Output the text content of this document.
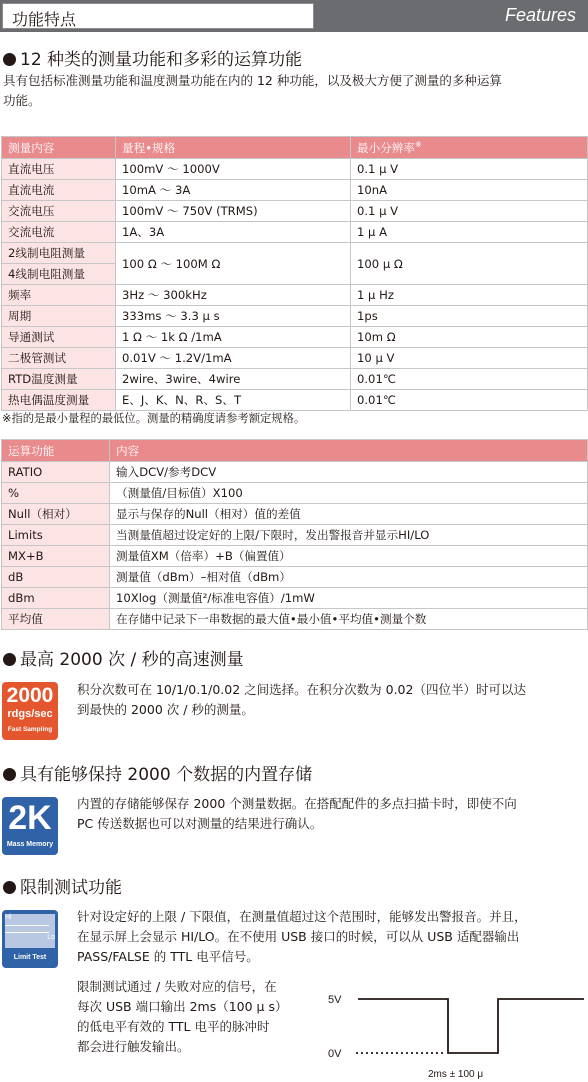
功能特点	Features
12 种类的测量功能和多彩的运算功能
具有包括标准测量功能和温度测量功能在内的 12 种功能，以及极大方便了测量的多种运算
功能。
测量内容	量程•规格	最小分辨率※
直流电压	100mV ～ 1000V	0.1 μ V
直流电流	10mA ～ 3A	10nA
交流电压	100mV ～ 750V (TRMS)	0.1 μ V
交流电流	1A、3A	1 μ A
2线制电阻测量	100 Ω ～ 100M Ω	100 μ Ω
4线制电阻测量		
频率	3Hz ～ 300kHz	1 μ Hz
周期	333ms ～ 3.3 μ s	1ps
导通测试	1 Ω ～ 1k Ω /1mA	10m Ω
二极管测试	0.01V ～ 1.2V/1mA	10 μ V
RTD温度测量	2wire、3wire、4wire	0.01℃
热电偶温度测量	E、J、K、N、R、S、T	0.01℃
※指的是最小量程的最低位。测量的精确度请参考额定规格。
运算功能	内容
RATIO	输入DCV/参考DCV
%	（测量值/目标值）X100
Null（相对）	显示与保存的Null（相对）值的差值
Limits	当测量值超过设定好的上限/下限时，发出警报音并显示HI/LO
MX+B	测量值XM（倍率）+B（偏置值）
dB	测量值（dBm）–相对值（dBm）
dBm	10Xlog（测量值²/标准电容值）/1mW
平均值	在存储中记录下一串数据的最大值•最小值•平均值•测量个数
最高 2000 次 / 秒的高速测量
2000
rdgs/sec
Fast Sampling
积分次数可在 10/1/0.1/0.02 之间选择。在积分次数为 0.02（四位半）时可以达
到最快的 2000 次 / 秒的测量。
具有能够保持 2000 个数据的内置存储
2K
Mass Memory
内置的存储能够保存 2000 个测量数据。在搭配配件的多点扫描卡时，即使不向
PC 传送数据也可以对测量的结果进行确认。
限制测试功能
Hi
Lo
Limit Test
针对设定好的上限 / 下限值，在测量值超过这个范围时，能够发出警报音。并且，
在显示屏上会显示 HI/LO。在不使用 USB 接口的时候，可以从 USB 适配器输出
PASS/FALSE 的 TTL 电平信号。
限制测试通过 / 失败对应的信号，在
每次 USB 端口输出 2ms（100 μ s）
的低电平有效的 TTL 电平的脉冲时
都会进行触发输出。
5V
0V
2ms ± 100 μ
